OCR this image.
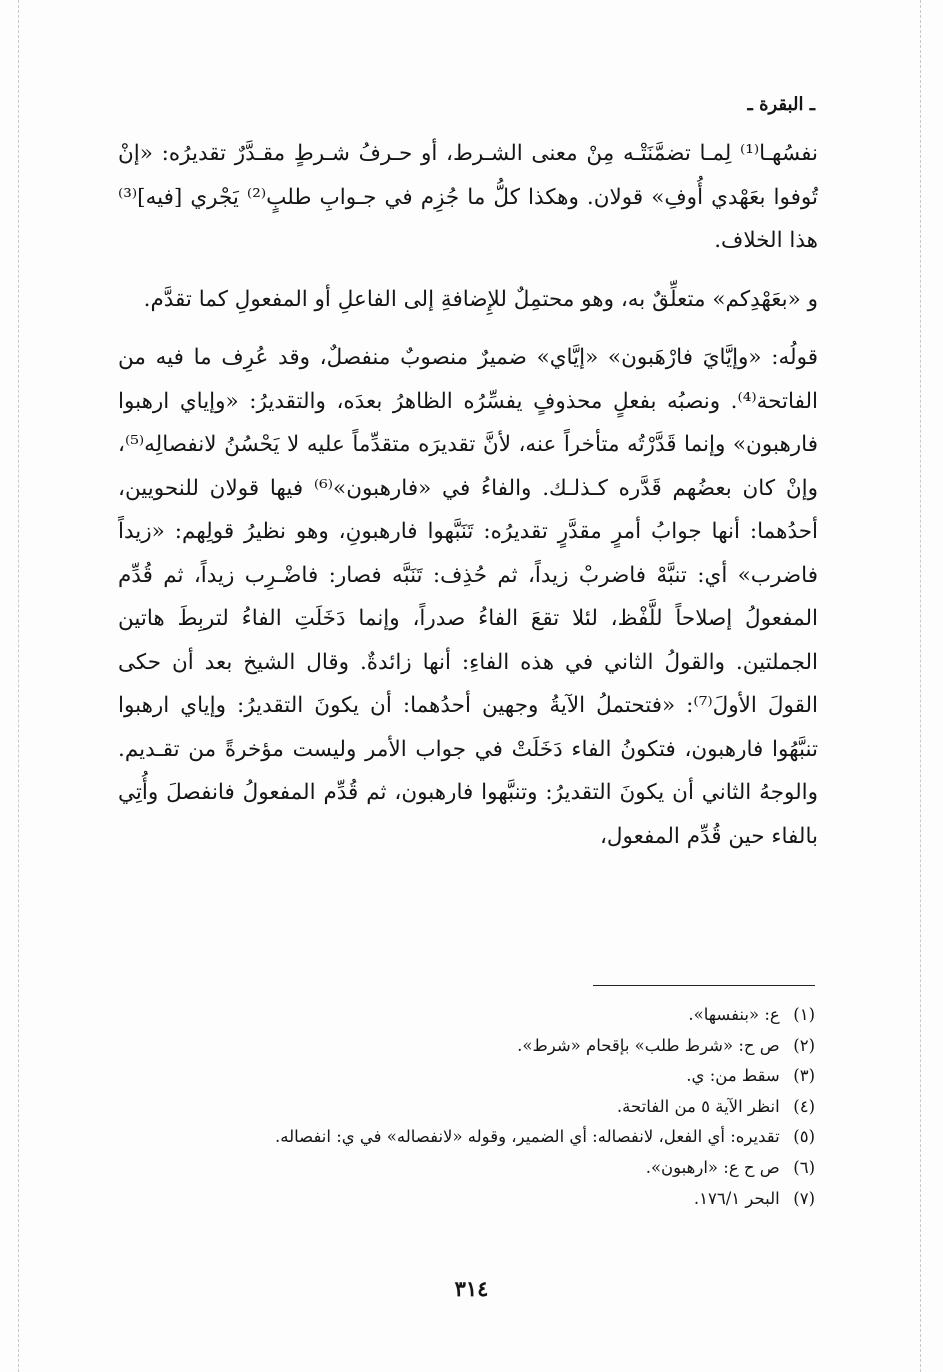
ـ البقرة ـ

نفسُهـا⁽¹⁾ لِمـا تضمَّنَتْـه مِنْ معنى الشـرط، أو حـرفُ شـرطٍ مقـدَّرٌ تقديرُه: «إنْ تُوفوا بعَهْدي أُوفِ» قولان. وهكذا كلُّ ما جُزِم في جـوابِ طلبٍ⁽²⁾ يَجْري [فيه]⁽³⁾ هذا الخلاف.

و «بعَهْدِكم» متعلِّقٌ به، وهو محتمِلٌ للإِضافةِ إلى الفاعلِ أو المفعولِ كما تقدَّم.

قولُه: «وإيَّايَ فارْهَبون» «إيَّاي» ضميرٌ منصوبٌ منفصلٌ، وقد عُرِف ما فيه من الفاتحة⁽⁴⁾. ونصبُه بفعلٍ محذوفٍ يفسِّرُه الظاهرُ بعدَه، والتقديرُ: «وإياي ارهبوا فارهبون» وإنما قَدَّرْتُه متأخراً عنه، لأنَّ تقديرَه متقدِّماً عليه لا يَحْسُنُ لانفصالِه⁽⁵⁾، وإنْ كان بعضُهم قَدَّره كـذلـك. والفاءُ في «فارهبون»⁽⁶⁾ فيها قولان للنحويين، أحدُهما: أنها جوابُ أمرٍ مقدَّرٍ تقديرُه: تَنَبَّهوا فارهبونِ، وهو نظيرُ قولِهم: «زيداً فاضرب» أي: تنبَّهْ فاضربْ زيداً، ثم حُذِف: تَنَبَّه فصار: فاضْـرِب زيداً، ثم قُدِّم المفعولُ إصلاحاً للَّفْظ، لئلا تقعَ الفاءُ صدراً، وإنما دَخَلَتِ الفاءُ لتربِطَ هاتين الجملتين. والقولُ الثاني في هذه الفاءِ: أنها زائدةٌ. وقال الشيخ بعد أن حكى القولَ الأولَ⁽⁷⁾: «فتحتملُ الآيةُ وجهين أحدُهما: أن يكونَ التقديرُ: وإياي ارهبوا تنبَّهُوا فارهبون، فتكونُ الفاء دَخَلَتْ في جواب الأمر وليست مؤخرةً من تقـديم. والوجهُ الثاني أن يكونَ التقديرُ: وتنبَّهوا فارهبون، ثم قُدِّم المفعولُ فانفصلَ وأُتِي بالفاء حين قُدِّم المفعول،

(١) ع: «بنفسها».
(٢) ص ح: «شرط طلب» بإقحام «شرط».
(٣) سقط من: ي.
(٤) انظر الآية ٥ من الفاتحة.
(٥) تقديره: أي الفعل، لانفصاله: أي الضمير، وقوله «لانفصاله» في ي: انفصاله.
(٦) ص ح ع: «ارهبون».
(٧) البحر ١٧٦/١.
٣١٤
